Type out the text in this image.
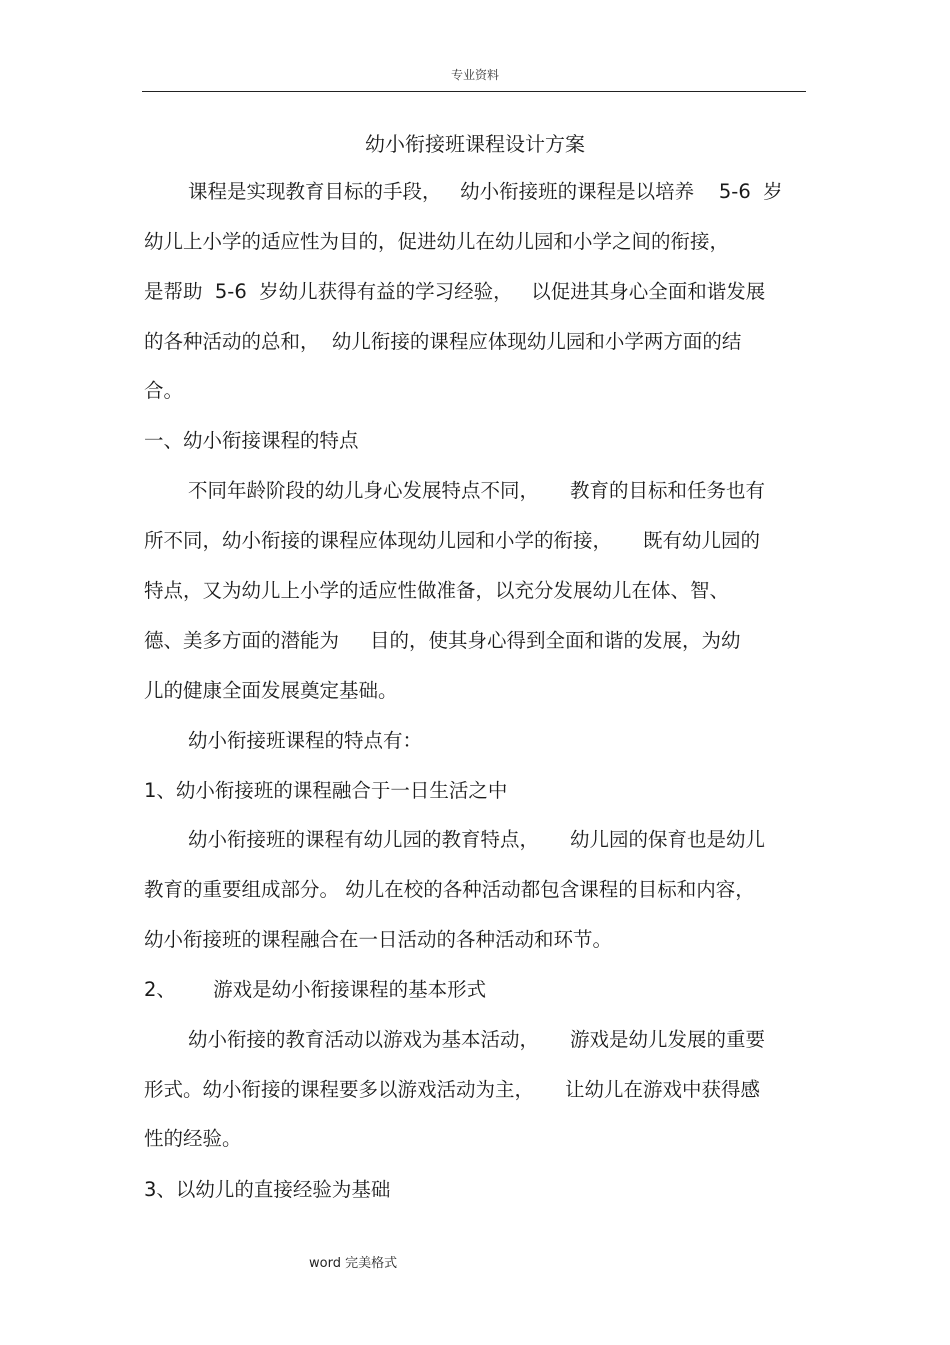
专业资料
幼小衔接班课程设计方案
课程是实现教育目标的手段，   幼小衔接班的课程是以培养    5-6  岁
幼儿上小学的适应性为目的，促进幼儿在幼儿园和小学之间的衔接，
是帮助  5-6  岁幼儿获得有益的学习经验，   以促进其身心全面和谐发展
的各种活动的总和，  幼儿衔接的课程应体现幼儿园和小学两方面的结
合。
一、幼小衔接课程的特点
不同年龄阶段的幼儿身心发展特点不同，     教育的目标和任务也有
所不同，幼小衔接的课程应体现幼儿园和小学的衔接，     既有幼儿园的
特点，又为幼儿上小学的适应性做准备，以充分发展幼儿在体、智、
德、美多方面的潜能为     目的，使其身心得到全面和谐的发展，为幼
儿的健康全面发展奠定基础。
幼小衔接班课程的特点有：
1、幼小衔接班的课程融合于一日生活之中
幼小衔接班的课程有幼儿园的教育特点，     幼儿园的保育也是幼儿
教育的重要组成部分。 幼儿在校的各种活动都包含课程的目标和内容，
幼小衔接班的课程融合在一日活动的各种活动和环节。
2、      游戏是幼小衔接课程的基本形式
幼小衔接的教育活动以游戏为基本活动，     游戏是幼儿发展的重要
形式。幼小衔接的课程要多以游戏活动为主，     让幼儿在游戏中获得感
性的经验。
3、以幼儿的直接经验为基础
word 完美格式
